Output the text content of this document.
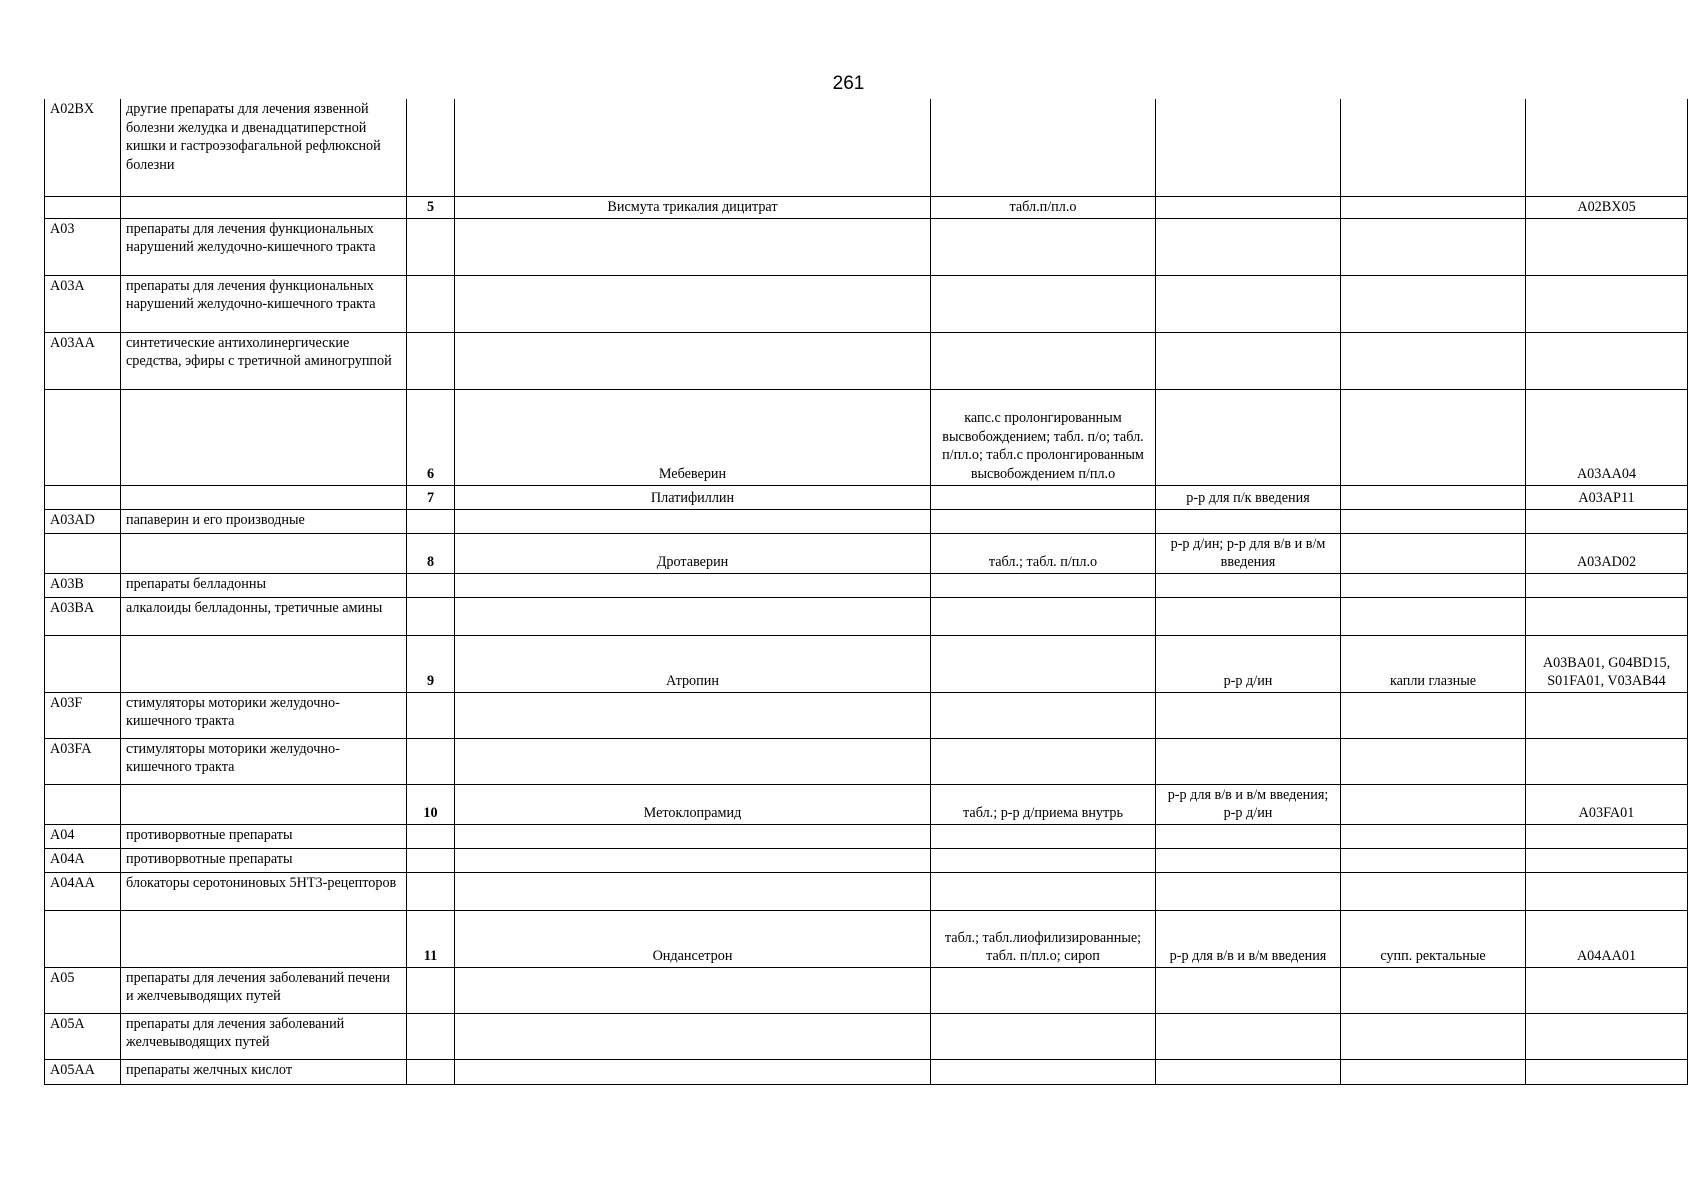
261
A02BX	другие препараты для лечения язвенной болезни желудка и двенадцатиперстной кишки и гастроэзофагальной рефлюксной болезни						
		5	Висмута трикалия дицитрат	табл.п/пл.о			A02BX05
A03	препараты для лечения функциональных нарушений желудочно-кишечного тракта						
A03A	препараты для лечения функциональных нарушений желудочно-кишечного тракта						
A03AA	синтетические антихолинергические средства, эфиры с третичной аминогруппой						
		6	Мебеверин	капс.с пролонгированным высвобождением; табл. п/о; табл. п/пл.о; табл.с пролонгированным высвобождением п/пл.о			A03AA04
		7	Платифиллин		р-р для п/к введения		A03AP11
A03AD	папаверин и его производные						
		8	Дротаверин	табл.; табл. п/пл.о	р-р д/ин; р-р для в/в и в/м введения		A03AD02
A03B	препараты белладонны						
A03BA	алкалоиды белладонны, третичные амины						
		9	Атропин		р-р д/ин	капли глазные	A03BA01, G04BD15, S01FA01, V03AB44
A03F	стимуляторы моторики желудочно-кишечного тракта						
A03FA	стимуляторы моторики желудочно-кишечного тракта						
		10	Метоклопрамид	табл.; р-р д/приема внутрь	р-р для в/в и в/м введения; р-р д/ин		A03FA01
A04	противорвотные препараты						
A04A	противорвотные препараты						
A04AA	блокаторы серотониновых 5HT3-рецепторов						
		11	Ондансетрон	табл.; табл.лиофилизированные; табл. п/пл.о; сироп	р-р для в/в и в/м введения	супп. ректальные	A04AA01
A05	препараты для лечения заболеваний печени и желчевыводящих путей						
A05A	препараты для лечения заболеваний желчевыводящих путей						
A05AA	препараты желчных кислот						
